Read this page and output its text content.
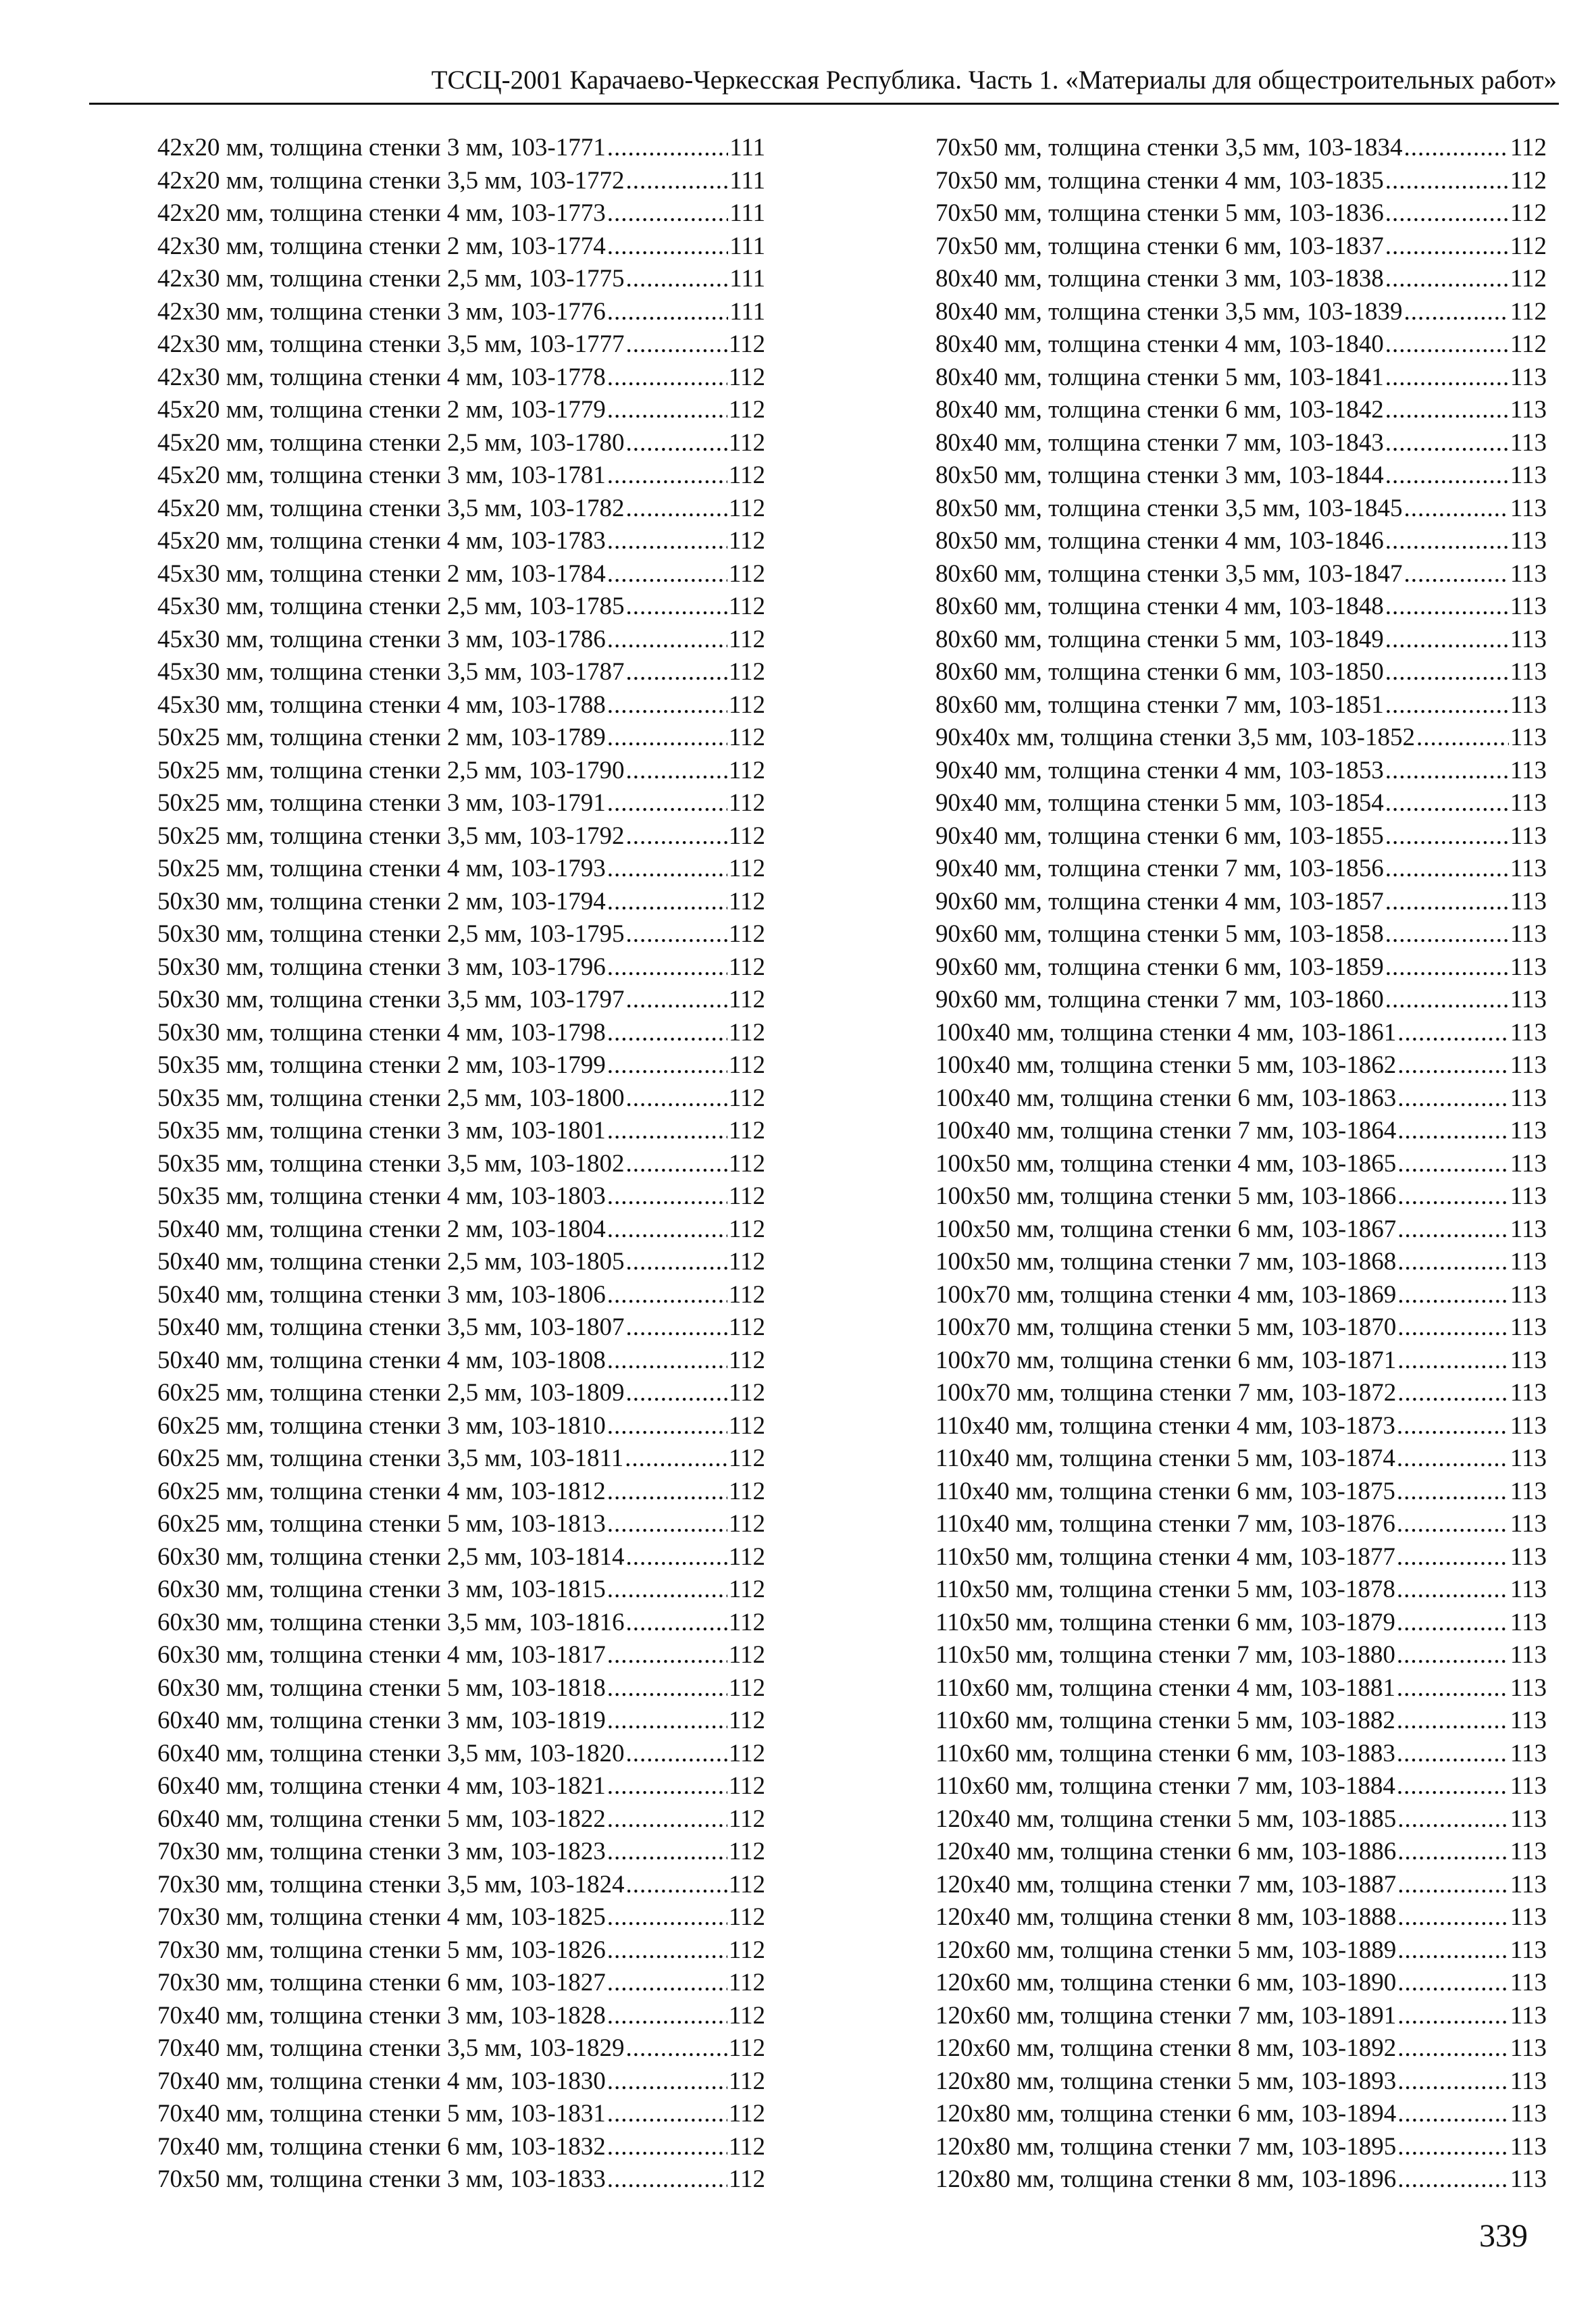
ТССЦ-2001 Карачаево-Черкесская Республика. Часть 1. «Материалы для общестроительных работ»
42x20 мм, толщина стенки 3 мм, 103-1771 .....	111
42x20 мм, толщина стенки 3,5 мм, 103-1772 .....	111
42x20 мм, толщина стенки 4 мм, 103-1773 .....	111
42x30 мм, толщина стенки 2 мм, 103-1774 .....	111
42x30 мм, толщина стенки 2,5 мм, 103-1775 .....	111
42x30 мм, толщина стенки 3 мм, 103-1776 .....	111
42x30 мм, толщина стенки 3,5 мм, 103-1777 .....	112
42x30 мм, толщина стенки 4 мм, 103-1778 .....	112
45x20 мм, толщина стенки 2 мм, 103-1779 .....	112
45x20 мм, толщина стенки 2,5 мм, 103-1780 .....	112
45x20 мм, толщина стенки 3 мм, 103-1781 .....	112
45x20 мм, толщина стенки 3,5 мм, 103-1782 .....	112
45x20 мм, толщина стенки 4 мм, 103-1783 .....	112
45x30 мм, толщина стенки 2 мм, 103-1784 .....	112
45x30 мм, толщина стенки 2,5 мм, 103-1785 .....	112
45x30 мм, толщина стенки 3 мм, 103-1786 .....	112
45x30 мм, толщина стенки 3,5 мм, 103-1787 .....	112
45x30 мм, толщина стенки 4 мм, 103-1788 .....	112
50x25 мм, толщина стенки 2 мм, 103-1789 .....	112
50x25 мм, толщина стенки 2,5 мм, 103-1790 .....	112
50x25 мм, толщина стенки 3 мм, 103-1791 .....	112
50x25 мм, толщина стенки 3,5 мм, 103-1792 .....	112
50x25 мм, толщина стенки 4 мм, 103-1793 .....	112
50x30 мм, толщина стенки 2 мм, 103-1794 .....	112
50x30 мм, толщина стенки 2,5 мм, 103-1795 .....	112
50x30 мм, толщина стенки 3 мм, 103-1796 .....	112
50x30 мм, толщина стенки 3,5 мм, 103-1797 .....	112
50x30 мм, толщина стенки 4 мм, 103-1798 .....	112
50x35 мм, толщина стенки 2 мм, 103-1799 .....	112
50x35 мм, толщина стенки 2,5 мм, 103-1800 .....	112
50x35 мм, толщина стенки 3 мм, 103-1801 .....	112
50x35 мм, толщина стенки 3,5 мм, 103-1802 .....	112
50x35 мм, толщина стенки 4 мм, 103-1803 .....	112
50x40 мм, толщина стенки 2 мм, 103-1804 .....	112
50x40 мм, толщина стенки 2,5 мм, 103-1805 .....	112
50x40 мм, толщина стенки 3 мм, 103-1806 .....	112
50x40 мм, толщина стенки 3,5 мм, 103-1807 .....	112
50x40 мм, толщина стенки 4 мм, 103-1808 .....	112
60x25 мм, толщина стенки 2,5 мм, 103-1809 .....	112
60x25 мм, толщина стенки 3 мм, 103-1810 .....	112
60x25 мм, толщина стенки 3,5 мм, 103-1811 .....	112
60x25 мм, толщина стенки 4 мм, 103-1812 .....	112
60x25 мм, толщина стенки 5 мм, 103-1813 .....	112
60x30 мм, толщина стенки 2,5 мм, 103-1814 .....	112
60x30 мм, толщина стенки 3 мм, 103-1815 .....	112
60x30 мм, толщина стенки 3,5 мм, 103-1816 .....	112
60x30 мм, толщина стенки 4 мм, 103-1817 .....	112
60x30 мм, толщина стенки 5 мм, 103-1818 .....	112
60x40 мм, толщина стенки 3 мм, 103-1819 .....	112
60x40 мм, толщина стенки 3,5 мм, 103-1820 .....	112
60x40 мм, толщина стенки 4 мм, 103-1821 .....	112
60x40 мм, толщина стенки 5 мм, 103-1822 .....	112
70x30 мм, толщина стенки 3 мм, 103-1823 .....	112
70x30 мм, толщина стенки 3,5 мм, 103-1824 .....	112
70x30 мм, толщина стенки 4 мм, 103-1825 .....	112
70x30 мм, толщина стенки 5 мм, 103-1826 .....	112
70x30 мм, толщина стенки 6 мм, 103-1827 .....	112
70x40 мм, толщина стенки 3 мм, 103-1828 .....	112
70x40 мм, толщина стенки 3,5 мм, 103-1829 .....	112
70x40 мм, толщина стенки 4 мм, 103-1830 .....	112
70x40 мм, толщина стенки 5 мм, 103-1831 .....	112
70x40 мм, толщина стенки 6 мм, 103-1832 .....	112
70x50 мм, толщина стенки 3 мм, 103-1833 .....	112
70x50 мм, толщина стенки 3,5 мм, 103-1834 .....	112
70x50 мм, толщина стенки 4 мм, 103-1835 .....	112
70x50 мм, толщина стенки 5 мм, 103-1836 .....	112
70x50 мм, толщина стенки 6 мм, 103-1837 .....	112
80x40 мм, толщина стенки 3 мм, 103-1838 .....	112
80x40 мм, толщина стенки 3,5 мм, 103-1839 .....	112
80x40 мм, толщина стенки 4 мм, 103-1840 .....	112
80x40 мм, толщина стенки 5 мм, 103-1841 .....	113
80x40 мм, толщина стенки 6 мм, 103-1842 .....	113
80x40 мм, толщина стенки 7 мм, 103-1843 .....	113
80x50 мм, толщина стенки 3 мм, 103-1844 .....	113
80x50 мм, толщина стенки 3,5 мм, 103-1845 .....	113
80x50 мм, толщина стенки 4 мм, 103-1846 .....	113
80x60 мм, толщина стенки 3,5 мм, 103-1847 .....	113
80x60 мм, толщина стенки 4 мм, 103-1848 .....	113
80x60 мм, толщина стенки 5 мм, 103-1849 .....	113
80x60 мм, толщина стенки 6 мм, 103-1850 .....	113
80x60 мм, толщина стенки 7 мм, 103-1851 .....	113
90x40x мм, толщина стенки 3,5 мм, 103-1852 .....	113
90x40 мм, толщина стенки 4 мм, 103-1853 .....	113
90x40 мм, толщина стенки 5 мм, 103-1854 .....	113
90x40 мм, толщина стенки 6 мм, 103-1855 .....	113
90x40 мм, толщина стенки 7 мм, 103-1856 .....	113
90x60 мм, толщина стенки 4 мм, 103-1857 .....	113
90x60 мм, толщина стенки 5 мм, 103-1858 .....	113
90x60 мм, толщина стенки 6 мм, 103-1859 .....	113
90x60 мм, толщина стенки 7 мм, 103-1860 .....	113
100x40 мм, толщина стенки 4 мм, 103-1861 .....	113
100x40 мм, толщина стенки 5 мм, 103-1862 .....	113
100x40 мм, толщина стенки 6 мм, 103-1863 .....	113
100x40 мм, толщина стенки 7 мм, 103-1864 .....	113
100x50 мм, толщина стенки 4 мм, 103-1865 .....	113
100x50 мм, толщина стенки 5 мм, 103-1866 .....	113
100x50 мм, толщина стенки 6 мм, 103-1867 .....	113
100x50 мм, толщина стенки 7 мм, 103-1868 .....	113
100x70 мм, толщина стенки 4 мм, 103-1869 .....	113
100x70 мм, толщина стенки 5 мм, 103-1870 .....	113
100x70 мм, толщина стенки 6 мм, 103-1871 .....	113
100x70 мм, толщина стенки 7 мм, 103-1872 .....	113
110x40 мм, толщина стенки 4 мм, 103-1873 .....	113
110x40 мм, толщина стенки 5 мм, 103-1874 .....	113
110x40 мм, толщина стенки 6 мм, 103-1875 .....	113
110x40 мм, толщина стенки 7 мм, 103-1876 .....	113
110x50 мм, толщина стенки 4 мм, 103-1877 .....	113
110x50 мм, толщина стенки 5 мм, 103-1878 .....	113
110x50 мм, толщина стенки 6 мм, 103-1879 .....	113
110x50 мм, толщина стенки 7 мм, 103-1880 .....	113
110x60 мм, толщина стенки 4 мм, 103-1881 .....	113
110x60 мм, толщина стенки 5 мм, 103-1882 .....	113
110x60 мм, толщина стенки 6 мм, 103-1883 .....	113
110x60 мм, толщина стенки 7 мм, 103-1884 .....	113
120x40 мм, толщина стенки 5 мм, 103-1885 .....	113
120x40 мм, толщина стенки 6 мм, 103-1886 .....	113
120x40 мм, толщина стенки 7 мм, 103-1887 .....	113
120x40 мм, толщина стенки 8 мм, 103-1888 .....	113
120x60 мм, толщина стенки 5 мм, 103-1889 .....	113
120x60 мм, толщина стенки 6 мм, 103-1890 .....	113
120x60 мм, толщина стенки 7 мм, 103-1891 .....	113
120x60 мм, толщина стенки 8 мм, 103-1892 .....	113
120x80 мм, толщина стенки 5 мм, 103-1893 .....	113
120x80 мм, толщина стенки 6 мм, 103-1894 .....	113
120x80 мм, толщина стенки 7 мм, 103-1895 .....	113
120x80 мм, толщина стенки 8 мм, 103-1896 .....	113
339
